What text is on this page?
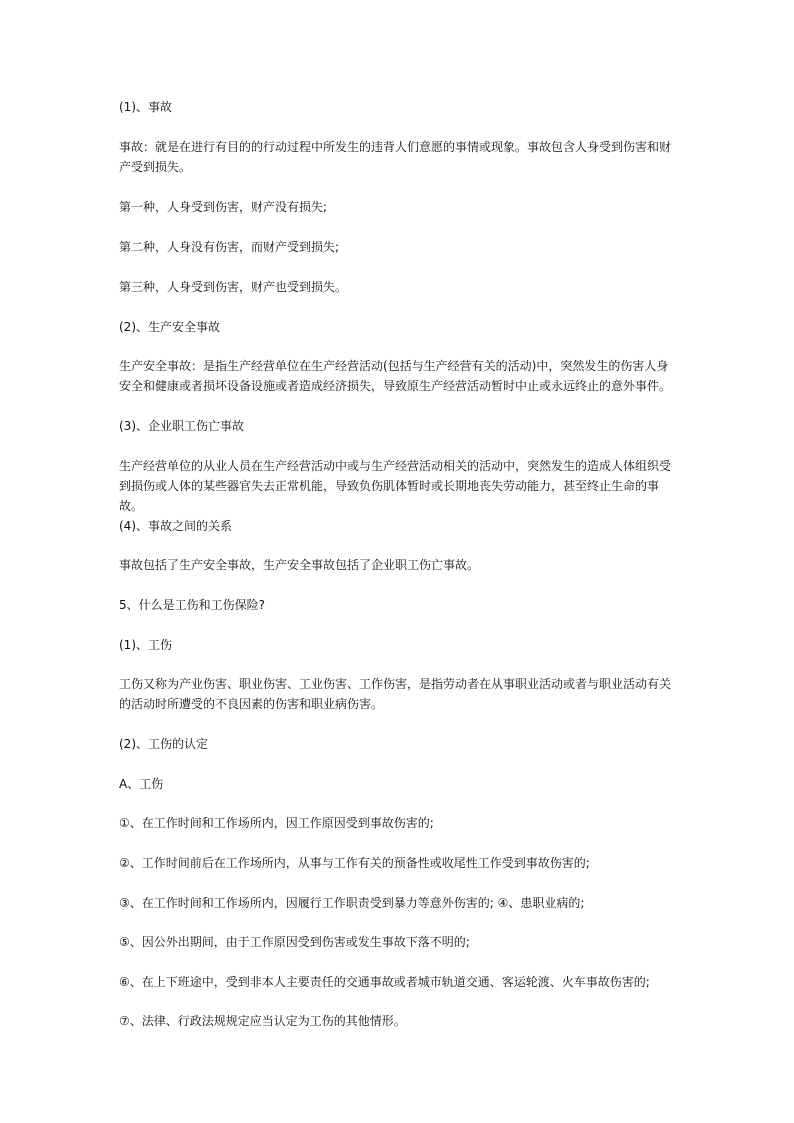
(1)、事故
事故：就是在进行有目的的行动过程中所发生的违背人们意愿的事情或现象。事故包含人身受到伤害和财产受到损失。
第一种，人身受到伤害，财产没有损失;
第二种，人身没有伤害，而财产受到损失;
第三种，人身受到伤害，财产也受到损失。
(2)、生产安全事故
生产安全事故：是指生产经营单位在生产经营活动(包括与生产经营有关的活动)中，突然发生的伤害人身安全和健康或者损坏设备设施或者造成经济损失，导致原生产经营活动暂时中止或永远终止的意外事件。
(3)、企业职工伤亡事故
生产经营单位的从业人员在生产经营活动中或与生产经营活动相关的活动中，突然发生的造成人体组织受到损伤或人体的某些器官失去正常机能，导致负伤肌体暂时或长期地丧失劳动能力，甚至终止生命的事故。
(4)、事故之间的关系
事故包括了生产安全事故，生产安全事故包括了企业职工伤亡事故。
5、什么是工伤和工伤保险?
(1)、工伤
工伤又称为产业伤害、职业伤害、工业伤害、工作伤害，是指劳动者在从事职业活动或者与职业活动有关的活动时所遭受的不良因素的伤害和职业病伤害。
(2)、工伤的认定
A、工伤
①、在工作时间和工作场所内，因工作原因受到事故伤害的;
②、工作时间前后在工作场所内，从事与工作有关的预备性或收尾性工作受到事故伤害的;
③、在工作时间和工作场所内，因履行工作职责受到暴力等意外伤害的; ④、患职业病的;
⑤、因公外出期间，由于工作原因受到伤害或发生事故下落不明的;
⑥、在上下班途中，受到非本人主要责任的交通事故或者城市轨道交通、客运轮渡、火车事故伤害的;
⑦、法律、行政法规规定应当认定为工伤的其他情形。
